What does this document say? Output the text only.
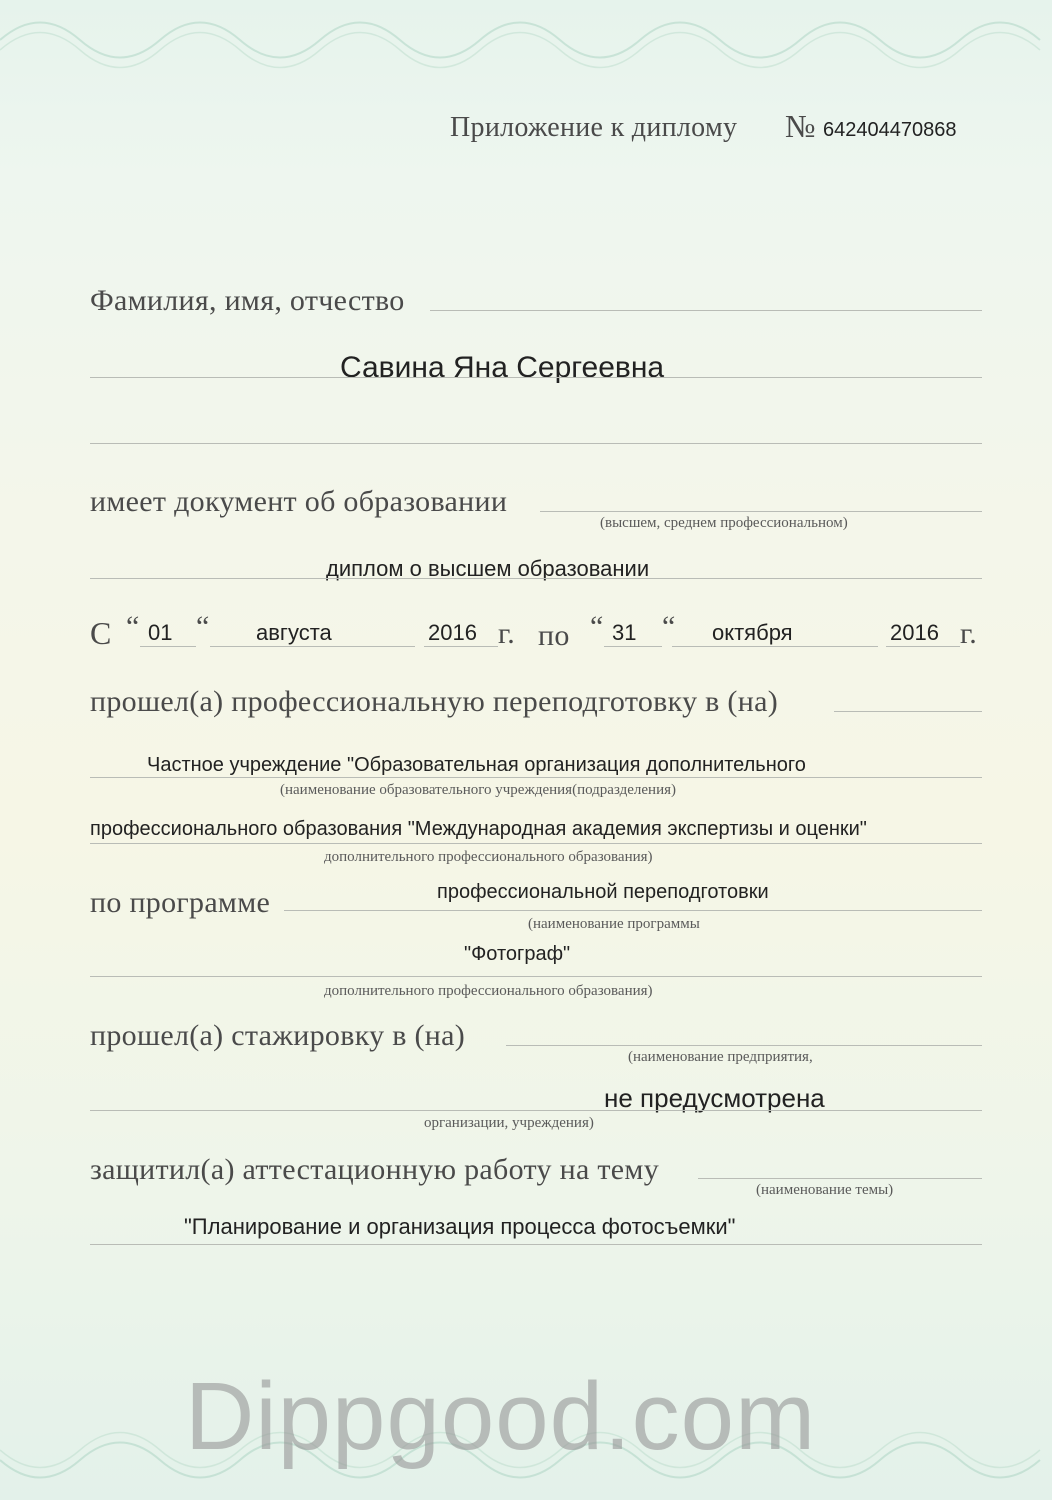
Приложение к диплому № 642404470868
Фамилия, имя, отчество
Савина Яна Сергеевна
имеет документ об образовании
(высшем, среднем профессиональном)
диплом о высшем образовании
С “ 01 “ августа	2016 г. по “ 31 “ октября	2016 г.
прошел(а) профессиональную переподготовку в (на)
Частное учреждение "Образовательная организация дополнительного
(наименование образовательного учреждения(подразделения)
профессионального образования "Международная академия экспертизы и оценки"
дополнительного профессионального образования)
по программе	профессиональной переподготовки
(наименование программы
"Фотограф"
дополнительного профессионального образования)
прошел(а) стажировку в (на)
(наименование предприятия,
не предусмотрена
организации, учреждения)
защитил(а) аттестационную работу на тему
(наименование темы)
"Планирование и организация процесса фотосъемки"
Dippgood.com
